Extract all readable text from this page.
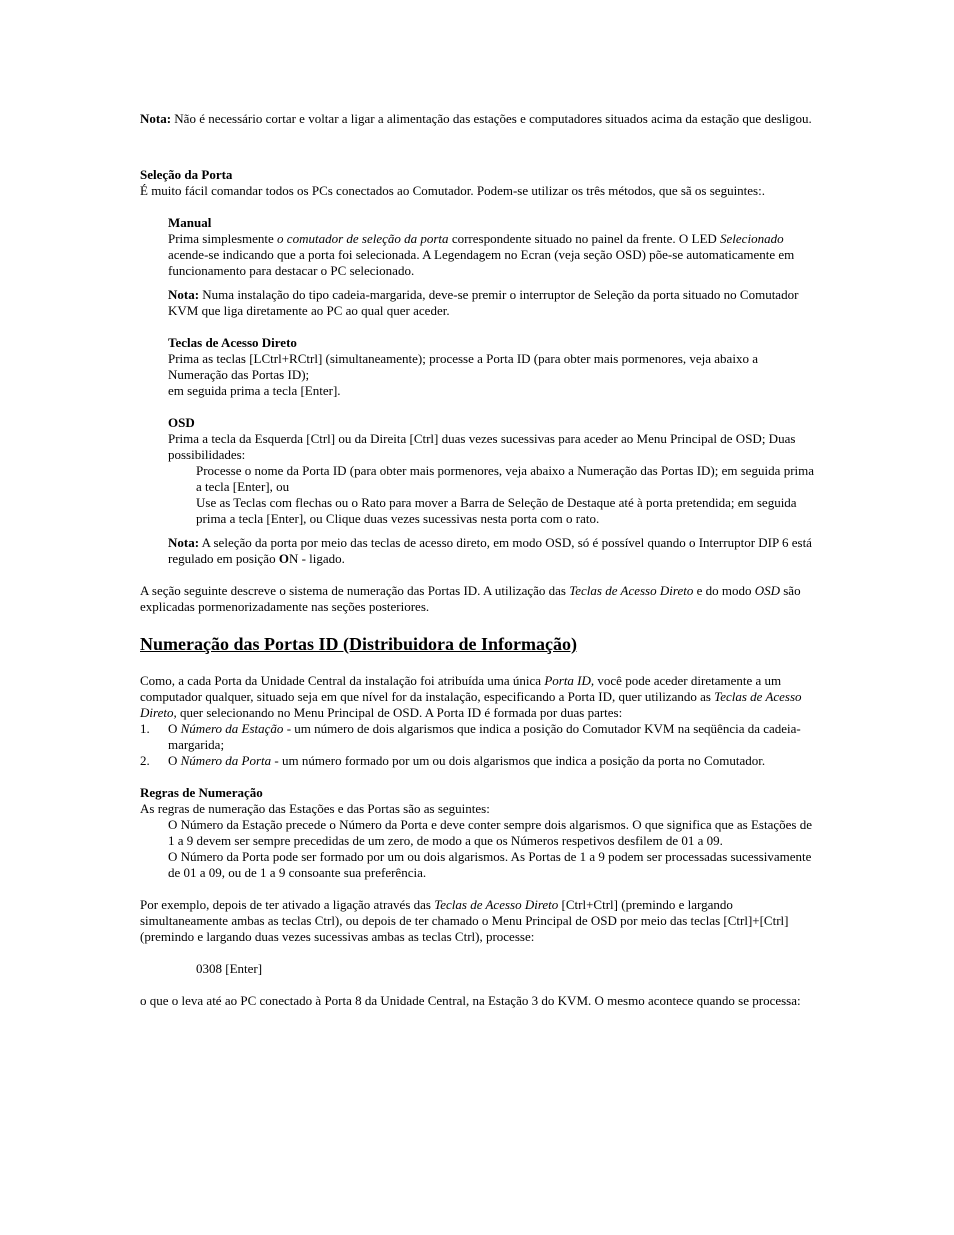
Nota: Não é necessário cortar e voltar a ligar a alimentação das estações e computadores situados acima da estação que desligou.

Seleção da Porta

É muito fácil comandar todos os PCs conectados ao Comutador. Podem-se utilizar os três métodos, que sã os seguintes:.

Manual

Prima simplesmente o comutador de seleção da porta correspondente situado no painel da frente. O LED Selecionado acende-se indicando que a porta foi selecionada. A Legendagem no Ecran (veja seção OSD) põe-se automaticamente em funcionamento para destacar o PC selecionado.

Nota: Numa instalação do tipo cadeia-margarida, deve-se premir o interruptor de Seleção da porta situado no Comutador KVM que liga diretamente ao PC ao qual quer aceder.

Teclas de Acesso Direto

Prima as teclas [LCtrl+RCtrl] (simultaneamente); processe a Porta ID (para obter mais pormenores, veja abaixo a Numeração das Portas ID);

em seguida prima a tecla [Enter].

OSD

Prima a tecla da Esquerda [Ctrl] ou da Direita [Ctrl] duas vezes sucessivas para aceder ao Menu Principal de OSD; Duas possibilidades:

Processe o nome da Porta ID (para obter mais pormenores, veja abaixo a Numeração das Portas ID); em seguida prima a tecla [Enter], ou

Use as Teclas com flechas ou o Rato para mover a Barra de Seleção de Destaque até à porta pretendida; em seguida prima a tecla [Enter], ou Clique duas vezes sucessivas nesta porta com o rato.

Nota: A seleção da porta por meio das teclas de acesso direto, em modo OSD, só é possível quando o Interruptor DIP 6 está regulado em posição ON - ligado.

A seção seguinte descreve o sistema de numeração das Portas ID. A utilização das Teclas de Acesso Direto e do modo OSD são explicadas pormenorizadamente nas seções posteriores.

Numeração das Portas ID (Distribuidora de Informação)

Como, a cada Porta da Unidade Central da instalação foi atribuída uma única Porta ID, você pode aceder diretamente a um computador qualquer, situado seja em que nível for da instalação, especificando a Porta ID, quer utilizando as Teclas de Acesso Direto, quer selecionando no Menu Principal de OSD. A Porta ID é formada por duas partes:

1.	O Número da Estação - um número de dois algarismos que indica a posição do Comutador KVM na seqüência da cadeia-margarida;
2.	O Número da Porta - um número formado por um ou dois algarismos que indica a posição da porta no Comutador.

Regras de Numeração

As regras de numeração das Estações e das Portas são as seguintes:

O Número da Estação precede o Número da Porta e deve conter sempre dois algarismos. O que significa que as Estações de 1 a 9 devem ser sempre precedidas de um zero, de modo a que os Números respetivos desfilem de 01 a 09.

O Número da Porta pode ser formado por um ou dois algarismos. As Portas de 1 a 9 podem ser processadas sucessivamente de 01 a 09, ou de 1 a 9 consoante sua preferência.

Por exemplo, depois de ter ativado a ligação através das Teclas de Acesso Direto [Ctrl+Ctrl] (premindo e largando simultaneamente ambas as teclas Ctrl), ou depois de ter chamado o Menu Principal de OSD por meio das teclas [Ctrl]+[Ctrl] (premindo e largando duas vezes sucessivas ambas as teclas Ctrl), processe:

0308 [Enter]

o que o leva até ao PC conectado à Porta 8 da Unidade Central, na Estação 3 do KVM. O mesmo acontece quando se processa:
